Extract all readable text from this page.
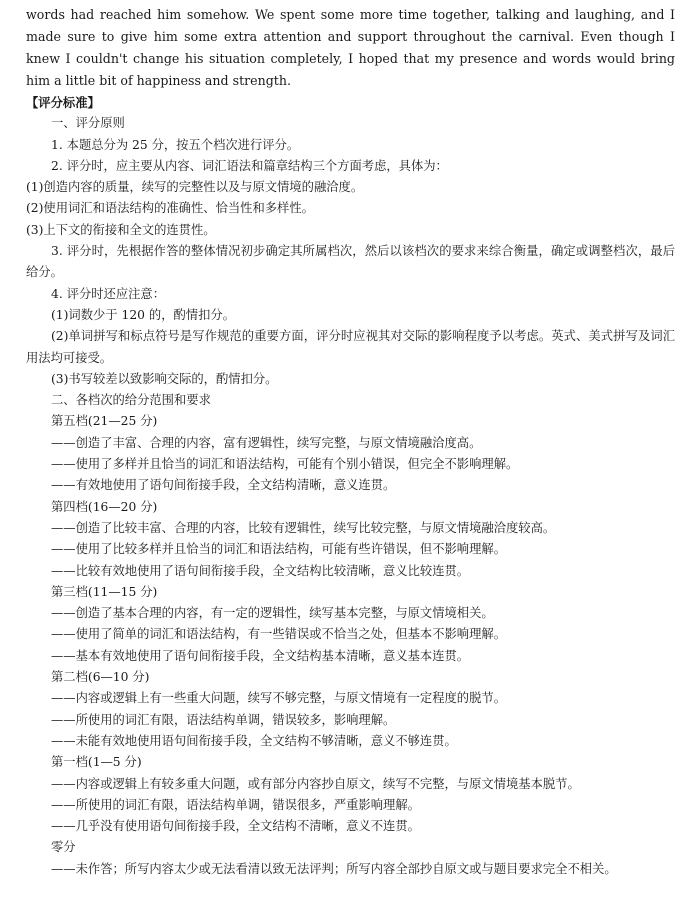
words had reached him somehow. We spent some more time together, talking and laughing, and I made sure to give him some extra attention and support throughout the carnival. Even though I knew I couldn't change his situation completely, I hoped that my presence and words would bring him a little bit of happiness and strength.

【评分标准】

一、评分原则

1. 本题总分为 25 分，按五个档次进行评分。

2. 评分时，应主要从内容、词汇语法和篇章结构三个方面考虑，具体为：

(1)创造内容的质量，续写的完整性以及与原文情境的融洽度。

(2)使用词汇和语法结构的准确性、恰当性和多样性。

(3)上下文的衔接和全文的连贯性。

3. 评分时，先根据作答的整体情况初步确定其所属档次，然后以该档次的要求来综合衡量，确定或调整档次，最后给分。

4. 评分时还应注意：

(1)词数少于 120 的，酌情扣分。

(2)单词拼写和标点符号是写作规范的重要方面，评分时应视其对交际的影响程度予以考虑。英式、美式拼写及词汇用法均可接受。

(3)书写较差以致影响交际的，酌情扣分。

二、各档次的给分范围和要求

第五档(21—25 分)

——创造了丰富、合理的内容，富有逻辑性，续写完整，与原文情境融洽度高。

——使用了多样并且恰当的词汇和语法结构，可能有个别小错误，但完全不影响理解。

——有效地使用了语句间衔接手段，全文结构清晰，意义连贯。

第四档(16—20 分)

——创造了比较丰富、合理的内容，比较有逻辑性，续写比较完整，与原文情境融洽度较高。

——使用了比较多样并且恰当的词汇和语法结构，可能有些许错误，但不影响理解。

——比较有效地使用了语句间衔接手段，全文结构比较清晰，意义比较连贯。

第三档(11—15 分)

——创造了基本合理的内容，有一定的逻辑性，续写基本完整，与原文情境相关。

——使用了简单的词汇和语法结构，有一些错误或不恰当之处，但基本不影响理解。

——基本有效地使用了语句间衔接手段，全文结构基本清晰，意义基本连贯。

第二档(6—10 分)

——内容或逻辑上有一些重大问题，续写不够完整，与原文情境有一定程度的脱节。

——所使用的词汇有限，语法结构单调，错误较多，影响理解。

——未能有效地使用语句间衔接手段，全文结构不够清晰，意义不够连贯。

第一档(1—5 分)

——内容或逻辑上有较多重大问题，或有部分内容抄自原文，续写不完整，与原文情境基本脱节。

——所使用的词汇有限，语法结构单调，错误很多，严重影响理解。

——几乎没有使用语句间衔接手段，全文结构不清晰，意义不连贯。

零分

——未作答；所写内容太少或无法看清以致无法评判；所写内容全部抄自原文或与题目要求完全不相关。
